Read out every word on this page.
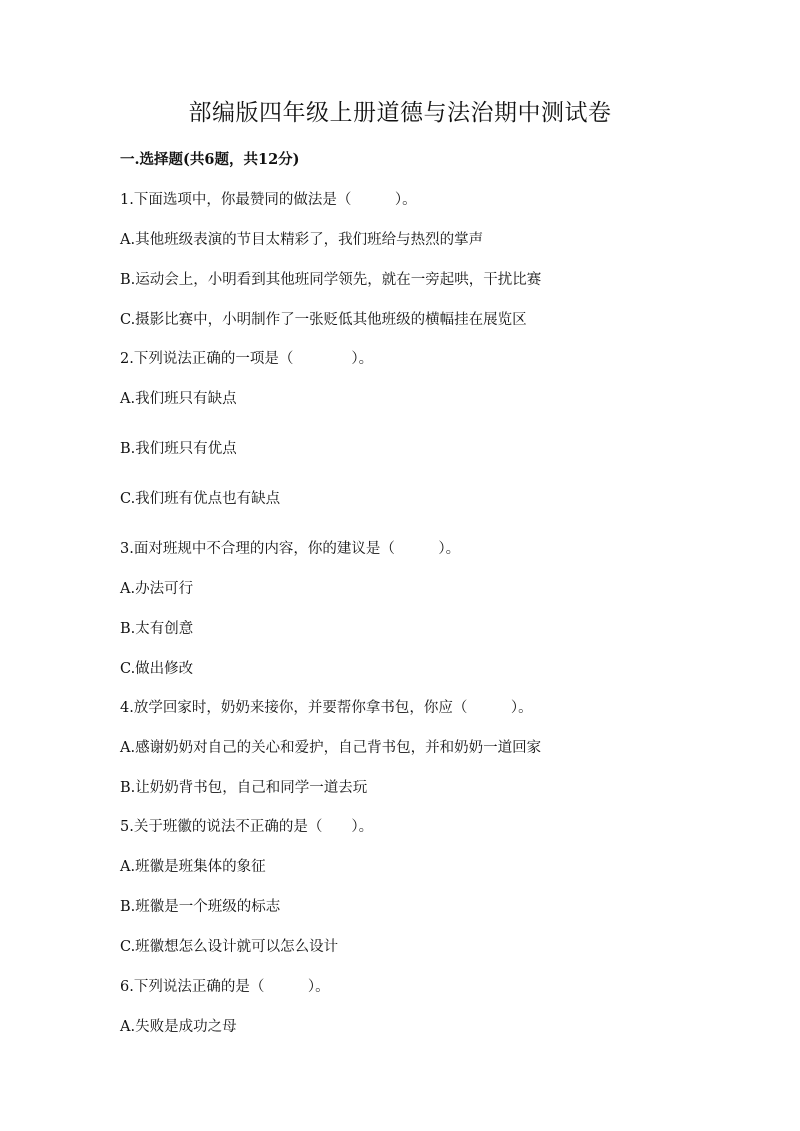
部编版四年级上册道德与法治期中测试卷
一.选择题(共6题，共12分)
1.下面选项中，你最赞同的做法是（　　　）。
A.其他班级表演的节目太精彩了，我们班给与热烈的掌声
B.运动会上，小明看到其他班同学领先，就在一旁起哄，干扰比赛
C.摄影比赛中，小明制作了一张贬低其他班级的横幅挂在展览区
2.下列说法正确的一项是（　　　　）。
A.我们班只有缺点
B.我们班只有优点
C.我们班有优点也有缺点
3.面对班规中不合理的内容，你的建议是（　　　）。
A.办法可行
B.太有创意
C.做出修改
4.放学回家时，奶奶来接你，并要帮你拿书包，你应（　　　）。
A.感谢奶奶对自己的关心和爱护，自己背书包，并和奶奶一道回家
B.让奶奶背书包，自己和同学一道去玩
5.关于班徽的说法不正确的是（　　）。
A.班徽是班集体的象征
B.班徽是一个班级的标志
C.班徽想怎么设计就可以怎么设计
6.下列说法正确的是（　　　）。
A.失败是成功之母
